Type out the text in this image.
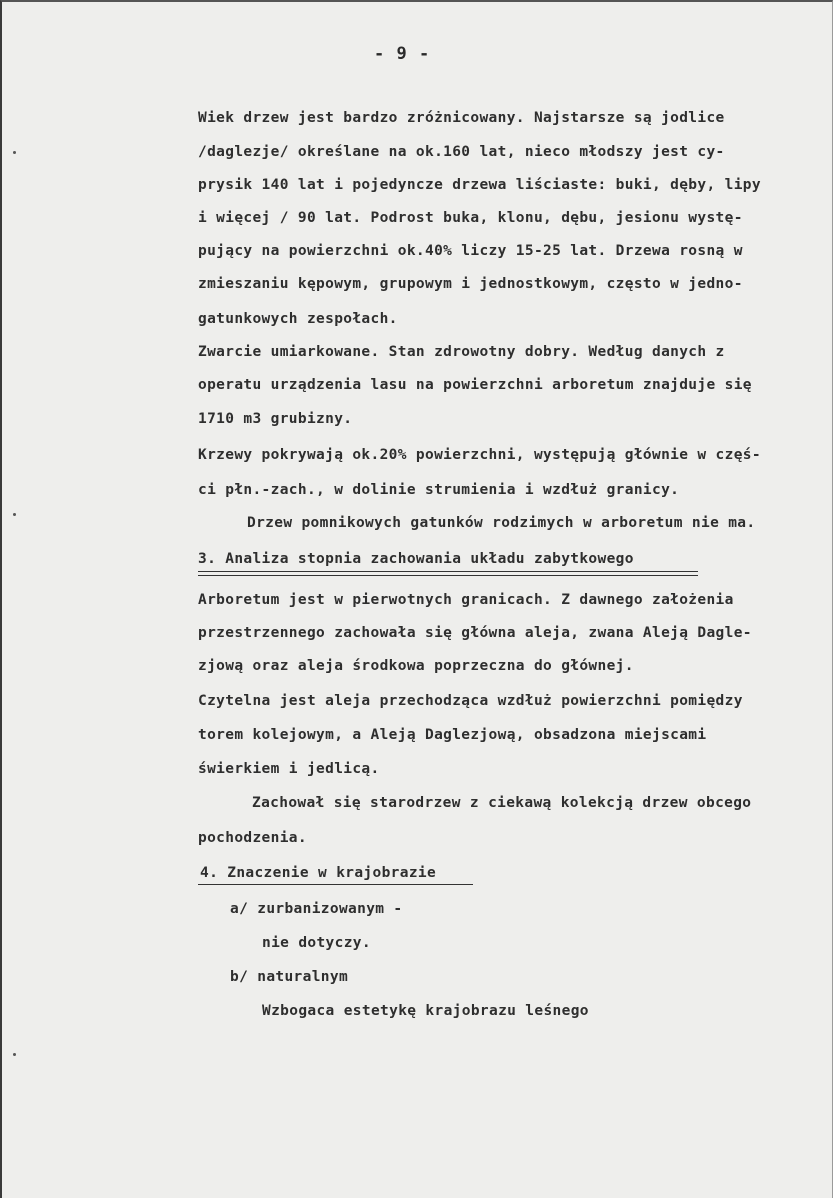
- 9 -
Wiek drzew jest bardzo zróżnicowany. Najstarsze są jodlice
/daglezje/ określane na ok.160 lat, nieco młodszy jest cy-
prysik 140 lat i pojedyncze drzewa liściaste: buki, dęby, lipy
i więcej / 90 lat. Podrost buka, klonu, dębu, jesionu wystę-
pujący na powierzchni ok.40% liczy 15-25 lat. Drzewa rosną w
zmieszaniu kępowym, grupowym i jednostkowym, często w jedno-
gatunkowych zespołach.
Zwarcie umiarkowane. Stan zdrowotny dobry. Według danych z
operatu urządzenia lasu na powierzchni arboretum znajduje się
1710 m3 grubizny.
Krzewy pokrywają ok.20% powierzchni, występują głównie w częś-
ci płn.-zach., w dolinie strumienia i wzdłuż granicy.
Drzew pomnikowych gatunków rodzimych w arboretum nie ma.
3. Analiza stopnia zachowania układu zabytkowego
Arboretum jest w pierwotnych granicach. Z dawnego założenia
przestrzennego zachowała się główna aleja, zwana Aleją Dagle-
zjową oraz aleja środkowa poprzeczna do głównej.
Czytelna jest aleja przechodząca wzdłuż powierzchni pomiędzy
torem kolejowym, a Aleją Daglezjową, obsadzona miejscami
świerkiem i jedlicą.
Zachował się starodrzew z ciekawą kolekcją drzew obcego
pochodzenia.
4. Znaczenie w krajobrazie
a/ zurbanizowanym -
nie dotyczy.
b/ naturalnym
Wzbogaca estetykę krajobrazu leśnego
